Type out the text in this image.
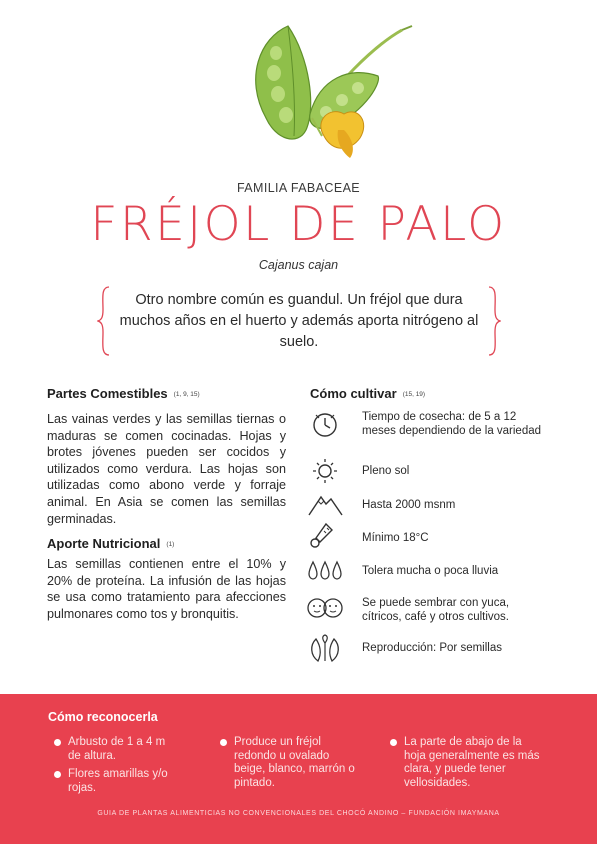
FAMILIA FABACEAE
FRÉJOL DE PALO
Cajanus cajan
Otro nombre común es guandul. Un fréjol que dura muchos años en el huerto y además aporta nitrógeno al suelo.
Partes Comestibles (1, 9, 15)
Las vainas verdes y las semillas tiernas o maduras se comen cocinadas. Hojas y brotes jóvenes pueden ser cocidos y utilizados como verdura. Las hojas son utilizadas como abono verde y forraje animal. En Asia se comen las semillas germinadas.
Aporte Nutricional (1)
Las semillas contienen entre el 10% y 20% de proteína. La infusión de las hojas se usa como tratamiento para afecciones pulmonares como tos y bronquitis.
Cómo cultivar (15, 19)
Tiempo de cosecha: de 5 a 12 meses dependiendo de la variedad
Pleno sol
Hasta 2000 msnm
Mínimo 18°C
Tolera mucha o poca lluvia
Se puede sembrar con yuca, cítricos, café y otros cultivos.
Reproducción: Por semillas
Cómo reconocerla
Arbusto de 1 a 4 m de altura.
Flores amarillas y/o rojas.
Produce un fréjol redondo u ovalado beige, blanco, marrón o pintado.
La parte de abajo de la hoja generalmente es más clara, y puede tener vellosidades.
GUIA DE PLANTAS ALIMENTICIAS NO CONVENCIONALES DEL CHOCÓ ANDINO – FUNDACIÓN IMAYMANA
